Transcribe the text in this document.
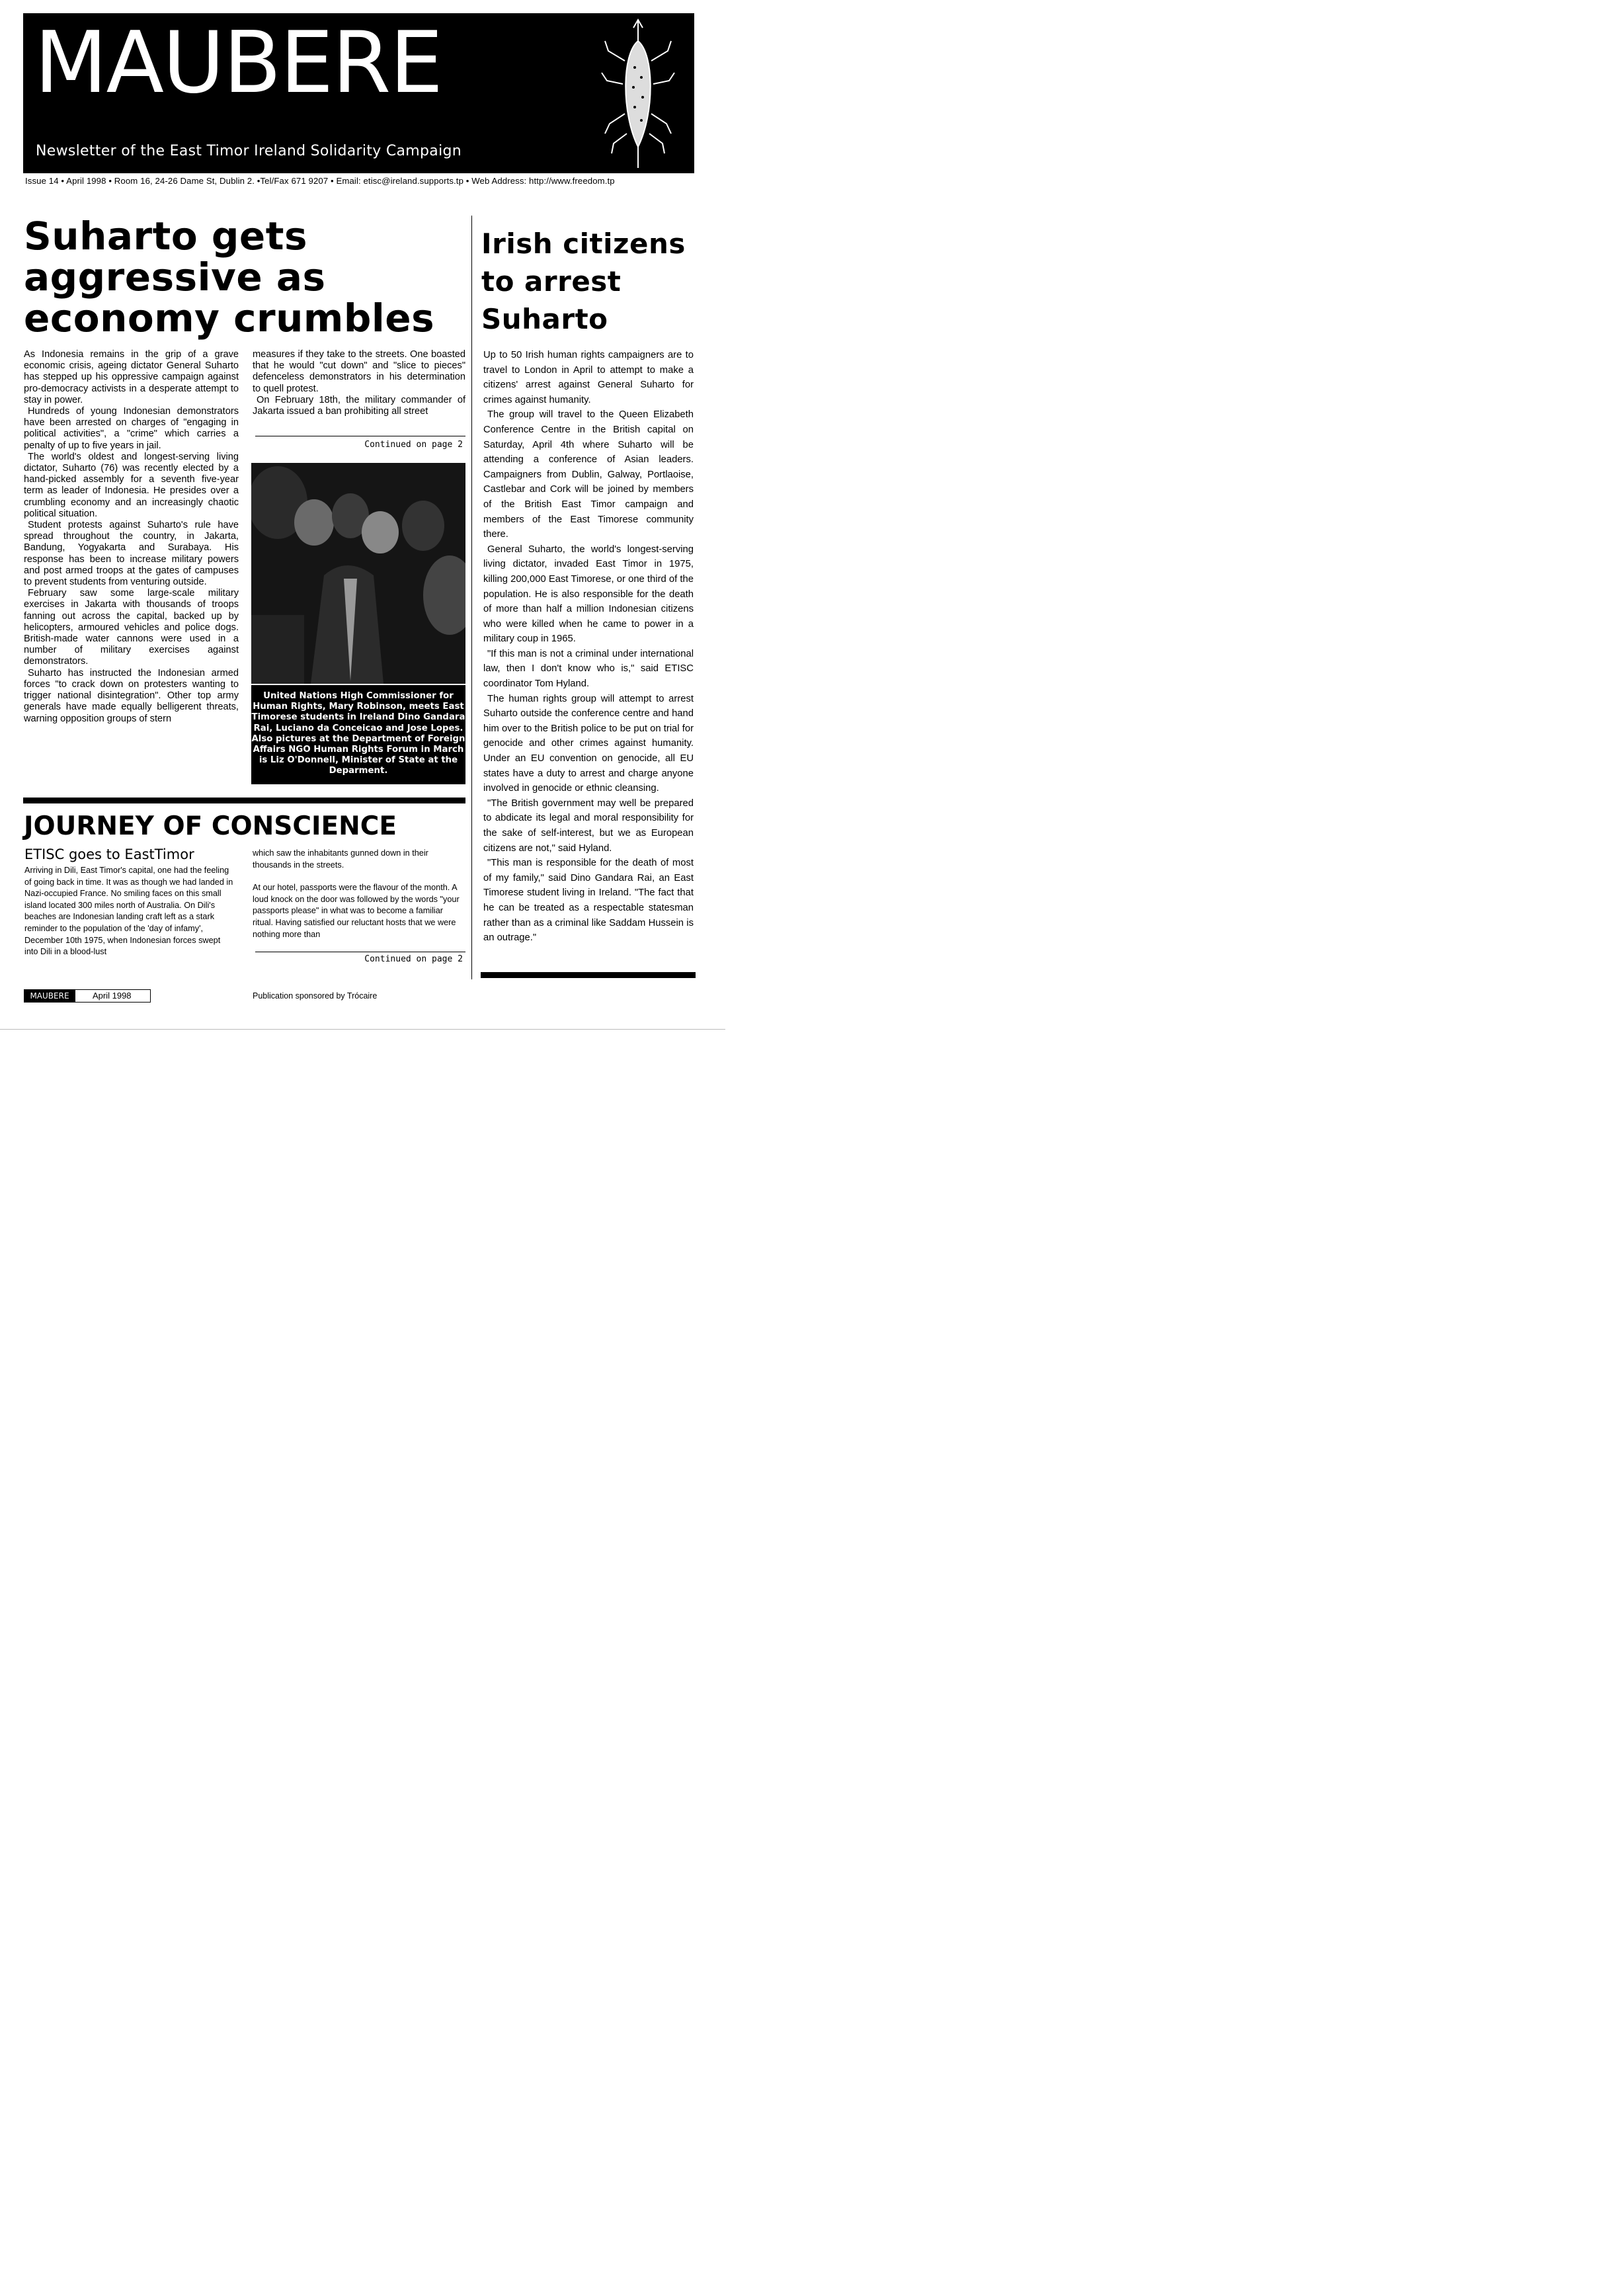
MAUBERE
Newsletter of the East Timor Ireland Solidarity Campaign
Issue 14 • April 1998 • Room 16, 24-26 Dame St, Dublin 2. •Tel/Fax 671 9207 • Email: etisc@ireland.supports.tp • Web Address: http://www.freedom.tp
Suharto gets
aggressive as
economy crumbles
Irish citizens
to arrest
Suharto

As Indonesia remains in the grip of a grave economic crisis, ageing dictator General Suharto has stepped up his oppressive campaign against pro-democracy activists in a desperate attempt to stay in power.

Hundreds of young Indonesian demonstrators have been arrested on charges of "engaging in political activities", a "crime" which carries a penalty of up to five years in jail.

The world's oldest and longest-serving living dictator, Suharto (76) was recently elected by a hand-picked assembly for a seventh five-year term as leader of Indonesia. He presides over a crumbling economy and an increasingly chaotic political situation.

Student protests against Suharto's rule have spread throughout the country, in Jakarta, Bandung, Yogyakarta and Surabaya. His response has been to increase military powers and post armed troops at the gates of campuses to prevent students from venturing outside.

February saw some large-scale military exercises in Jakarta with thousands of troops fanning out across the capital, backed up by helicopters, armoured vehicles and police dogs. British-made water cannons were used in a number of military exercises against demonstrators.

Suharto has instructed the Indonesian armed forces "to crack down on protesters wanting to trigger national disintegration". Other top army generals have made equally belligerent threats, warning opposition groups of stern

measures if they take to the streets. One boasted that he would "cut down" and "slice to pieces" defenceless demonstrators in his determination to quell protest.

On February 18th, the military commander of Jakarta issued a ban prohibiting all street

Continued on page 2
United Nations High Commissioner for Human Rights, Mary Robinson, meets East Timorese students in Ireland Dino Gandara Rai, Luciano da Conceicao and Jose Lopes. Also pictures at the Department of Foreign Affairs NGO Human Rights Forum in March is Liz O'Donnell, Minister of State at the Deparment.

Up to 50 Irish human rights campaigners are to travel to London in April to attempt to make a citizens' arrest against General Suharto for crimes against humanity.

The group will travel to the Queen Elizabeth Conference Centre in the British capital on Saturday, April 4th where Suharto will be attending a conference of Asian leaders. Campaigners from Dublin, Galway, Portlaoise, Castlebar and Cork will be joined by members of the British East Timor campaign and members of the East Timorese community there.

General Suharto, the world's longest-serving living dictator, invaded East Timor in 1975, killing 200,000 East Timorese, or one third of the population. He is also responsible for the death of more than half a million Indonesian citizens who were killed when he came to power in a military coup in 1965.

"If this man is not a criminal under international law, then I don't know who is," said ETISC coordinator Tom Hyland.

The human rights group will attempt to arrest Suharto outside the conference centre and hand him over to the British police to be put on trial for genocide and other crimes against humanity. Under an EU convention on genocide, all EU states have a duty to arrest and charge anyone involved in genocide or ethnic cleansing.

"The British government may well be prepared to abdicate its legal and moral responsibility for the sake of self-interest, but we as European citizens are not," said Hyland.

"This man is responsible for the death of most of my family," said Dino Gandara Rai, an East Timorese student living in Ireland. "The fact that he can be treated as a respectable statesman rather than as a criminal like Saddam Hussein is an outrage."

JOURNEY OF CONSCIENCE
ETISC goes to EastTimor

Arriving in Dili, East Timor's capital, one had the feeling of going back in time. It was as though we had landed in Nazi-occupied France. No smiling faces on this small island located 300 miles north of Australia. On Dili's beaches are Indonesian landing craft left as a stark reminder to the population of the 'day of infamy', December 10th 1975, when Indonesian forces swept into Dili in a blood-lust

which saw the inhabitants gunned down in their thousands in the streets.

At our hotel, passports were the flavour of the month. A loud knock on the door was followed by the words "your passports please" in what was to become a familiar ritual. Having satisfied our reluctant hosts that we were nothing more than

Continued on page 2
MAUBERE	April 1998	Publication sponsored by Trócaire
